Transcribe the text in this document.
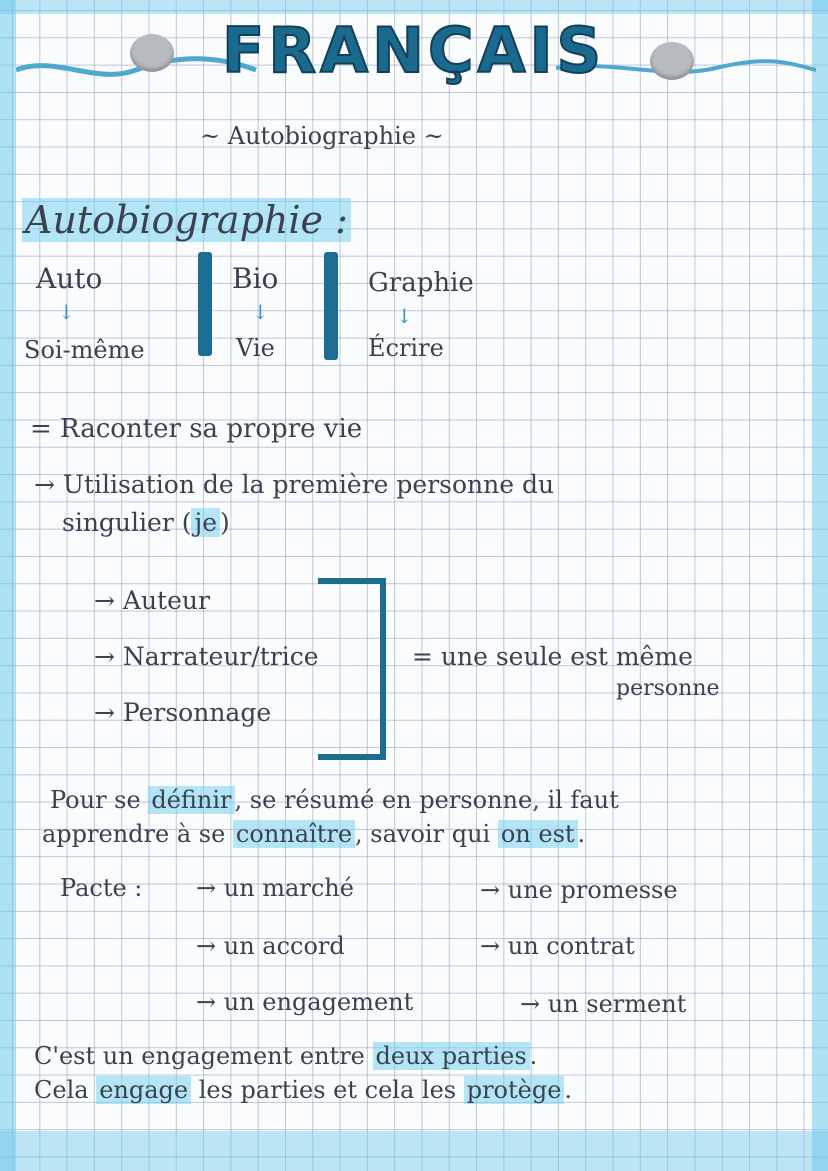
FRANÇAIS
~ Autobiographie ~
Autobiographie :
Auto
↓
Soi-même
Bio
↓
Vie
Graphie
↓
Écrire
= Raconter sa propre vie
→ Utilisation de la première personne du
singulier ( je )
→ Auteur
→ Narrateur/trice
→ Personnage
= une seule est même
personne
Pour se définir , se résumé en personne, il faut
apprendre à se connaître , savoir qui on est .
Pacte : → un marché	→ une promesse
→ un accord	→ un contrat
→ un engagement	→ un serment
C'est un engagement entre deux parties .
Cela engage les parties et cela les protège .
